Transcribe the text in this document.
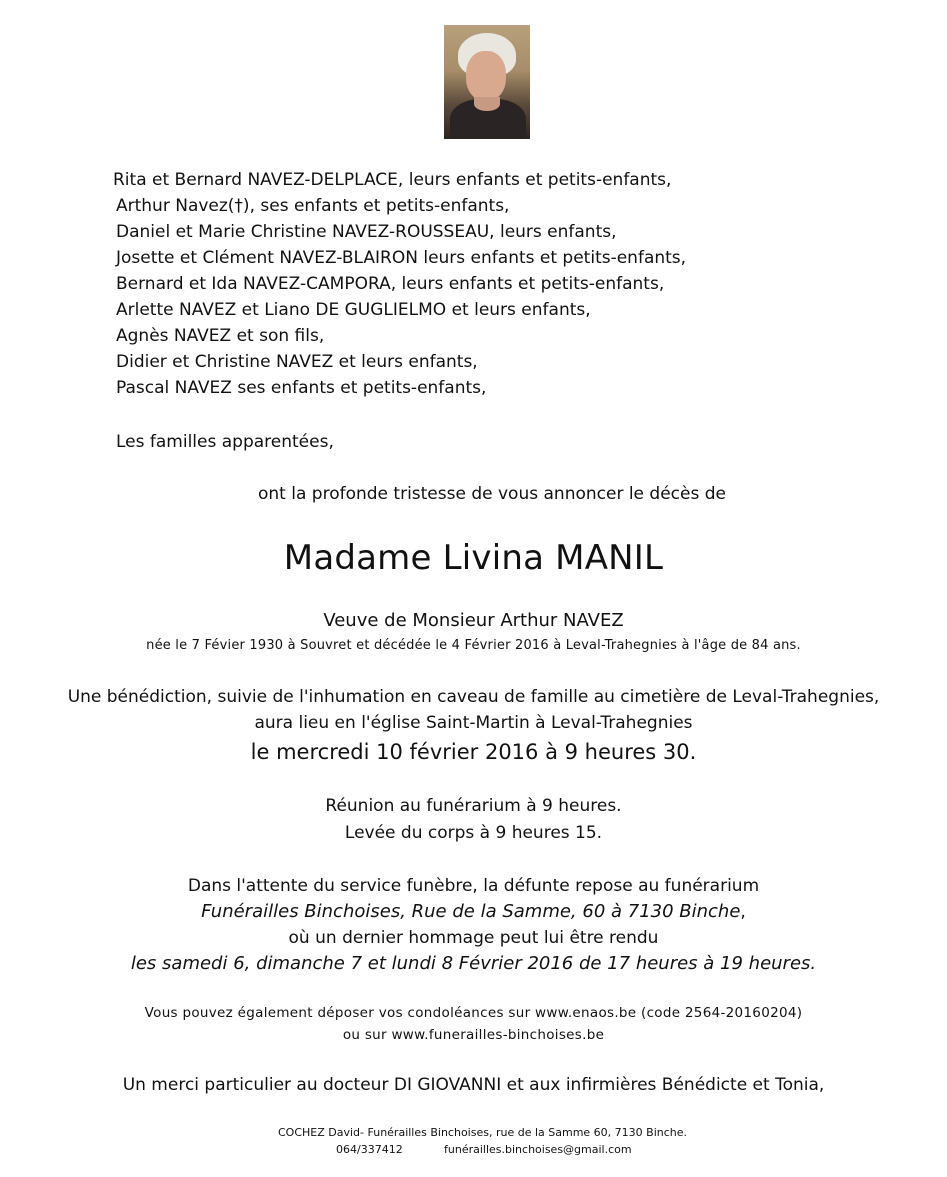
Rita et Bernard NAVEZ-DELPLACE, leurs enfants et petits-enfants,
Arthur Navez(†), ses enfants et petits-enfants,
Daniel et Marie Christine NAVEZ-ROUSSEAU, leurs enfants,
Josette et Clément NAVEZ-BLAIRON leurs enfants et petits-enfants,
Bernard et Ida NAVEZ-CAMPORA, leurs enfants et petits-enfants,
Arlette NAVEZ et Liano DE GUGLIELMO et leurs enfants,
Agnès NAVEZ et son fils,
Didier et Christine NAVEZ et leurs enfants,
Pascal NAVEZ ses enfants et petits-enfants,
Les familles apparentées,
ont la profonde tristesse de vous annoncer le décès de
Madame Livina MANIL
Veuve de Monsieur Arthur NAVEZ
née le 7 Févier 1930 à Souvret et décédée le 4 Février 2016 à Leval-Trahegnies à l'âge de 84 ans.
Une bénédiction, suivie de l'inhumation en caveau de famille au cimetière de Leval-Trahegnies,
aura lieu en l'église Saint-Martin à Leval-Trahegnies
le mercredi 10 février 2016 à 9 heures 30.
Réunion au funérarium à 9 heures.
Levée du corps à 9 heures 15.
Dans l'attente du service funèbre, la défunte repose au funérarium
Funérailles Binchoises, Rue de la Samme, 60 à 7130 Binche,
où un dernier hommage peut lui être rendu
les samedi 6, dimanche 7 et lundi 8 Février 2016 de 17 heures à 19 heures.
Vous pouvez également déposer vos condoléances sur www.enaos.be (code 2564-20160204)
ou sur www.funerailles-binchoises.be
Un merci particulier au docteur DI GIOVANNI et aux infirmières Bénédicte et Tonia,
COCHEZ David- Funérailles Binchoises, rue de la Samme 60, 7130 Binche.
064/337412	funérailles.binchoises@gmail.com
